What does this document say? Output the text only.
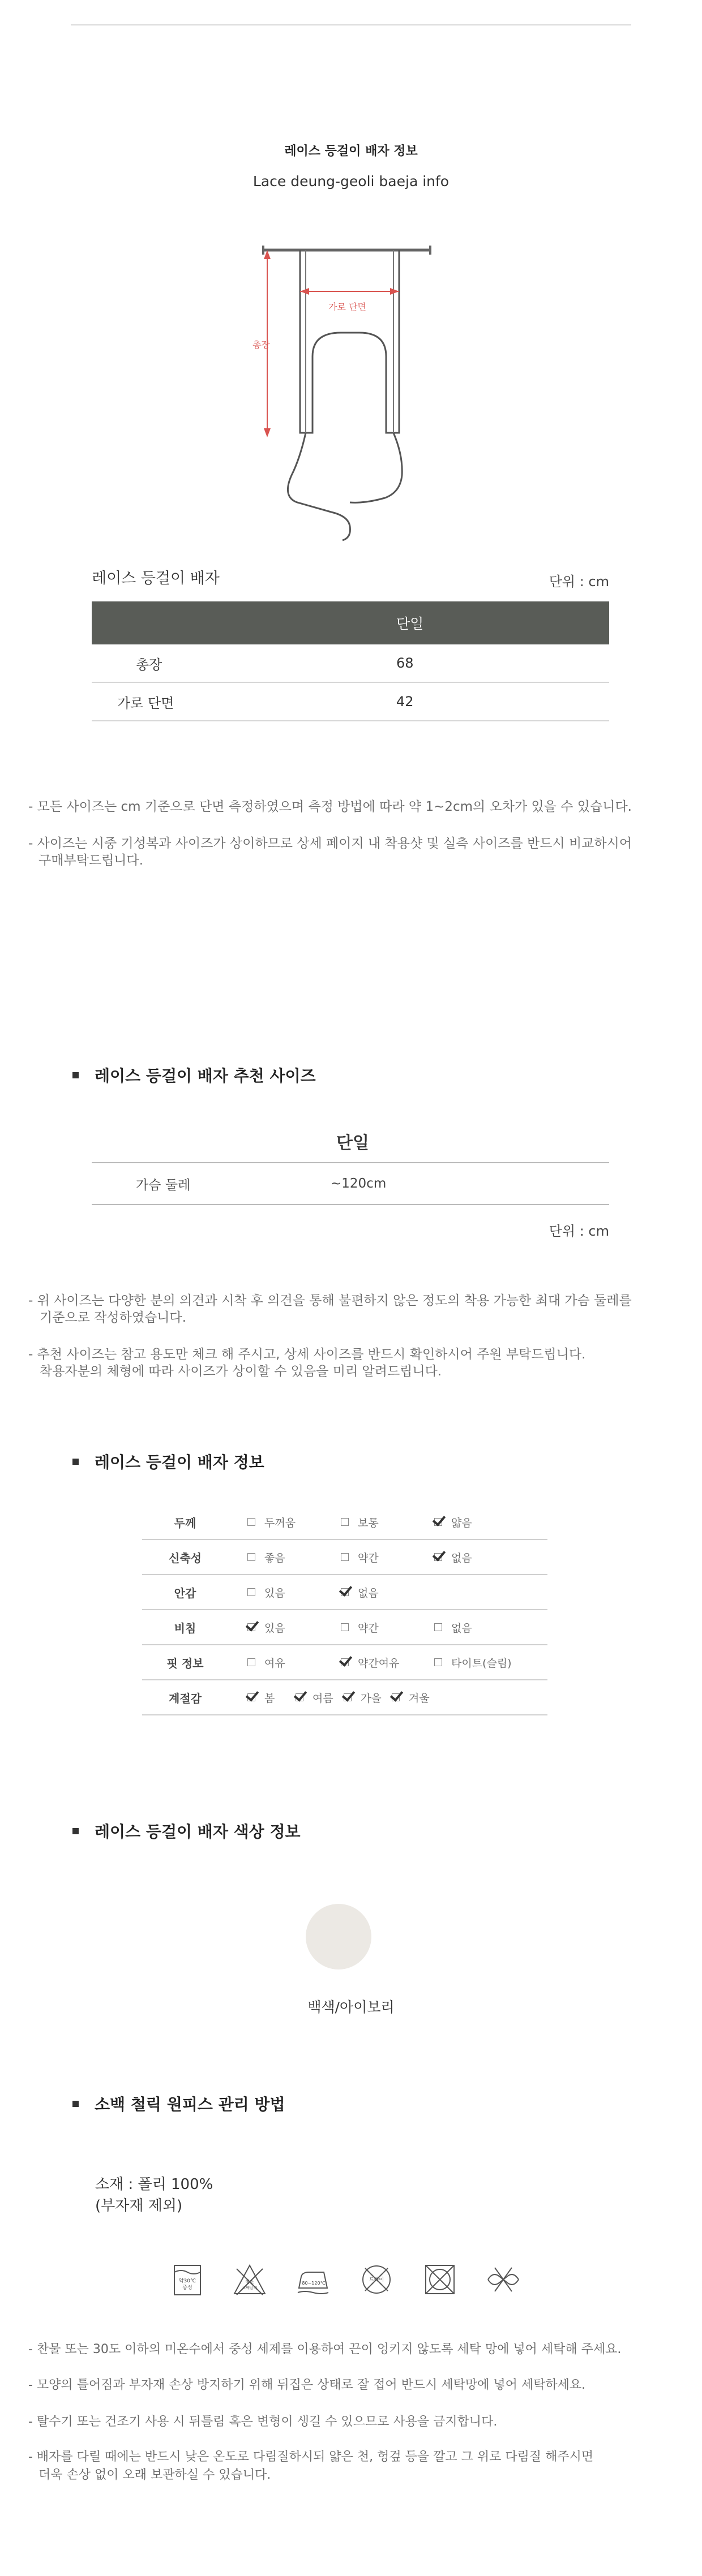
레이스 등걸이 배자 정보
Lace deung-geoli baeja info
총장
가로 단면
레이스 등걸이 배자	단위 : cm
	단일
총장	68
가로 단면	42
- 모든 사이즈는 cm 기준으로 단면 측정하였으며 측정 방법에 따라 약 1~2cm의 오차가 있을 수 있습니다.
- 사이즈는 시중 기성복과 사이즈가 상이하므로 상세 페이지 내 착용샷 및 실측 사이즈를 반드시 비교하시어
구매부탁드립니다.
레이스 등걸이 배자 추천 사이즈
	단일
가슴 둘레	~120cm
단위 : cm
- 위 사이즈는 다양한 분의 의견과 시착 후 의견을 통해 불편하지 않은 정도의 착용 가능한 최대 가슴 둘레를
기준으로 작성하였습니다.
- 추천 사이즈는 참고 용도만 체크 해 주시고, 상세 사이즈를 반드시 확인하시어 주원 부탁드립니다.
착용자분의 체형에 따라 사이즈가 상이할 수 있음을 미리 알려드립니다.
레이스 등걸이 배자 정보
두께	두꺼움 보통 얇음

신축성	좋음 약간 없음

안감	있음 없음

비침	있음 약간 없음

핏 정보	여유 약간여유 타이트(슬림)

계절감	봄 여름 가을 겨울
레이스 등걸이 배자 색상 정보
백색/아이보리
소백 철릭 원피스 관리 방법
소재 : 폴리 100%
(부자재 제외)
약30℃
중성
염소
표백금지
80~120℃
드라이
- 찬물 또는 30도 이하의 미온수에서 중성 세제를 이용하여 끈이 엉키지 않도록 세탁 망에 넣어 세탁해 주세요.
- 모양의 틀어짐과 부자재 손상 방지하기 위해 뒤집은 상태로 잘 접어 반드시 세탁망에 넣어 세탁하세요.
- 탈수기 또는 건조기 사용 시 뒤틀림 혹은 변형이 생길 수 있으므로 사용을 금지합니다.
- 배자를 다릴 때에는 반드시 낮은 온도로 다림질하시되 얇은 천, 헝겊 등을 깔고 그 위로 다림질 해주시면
더욱 손상 없이 오래 보관하실 수 있습니다.
